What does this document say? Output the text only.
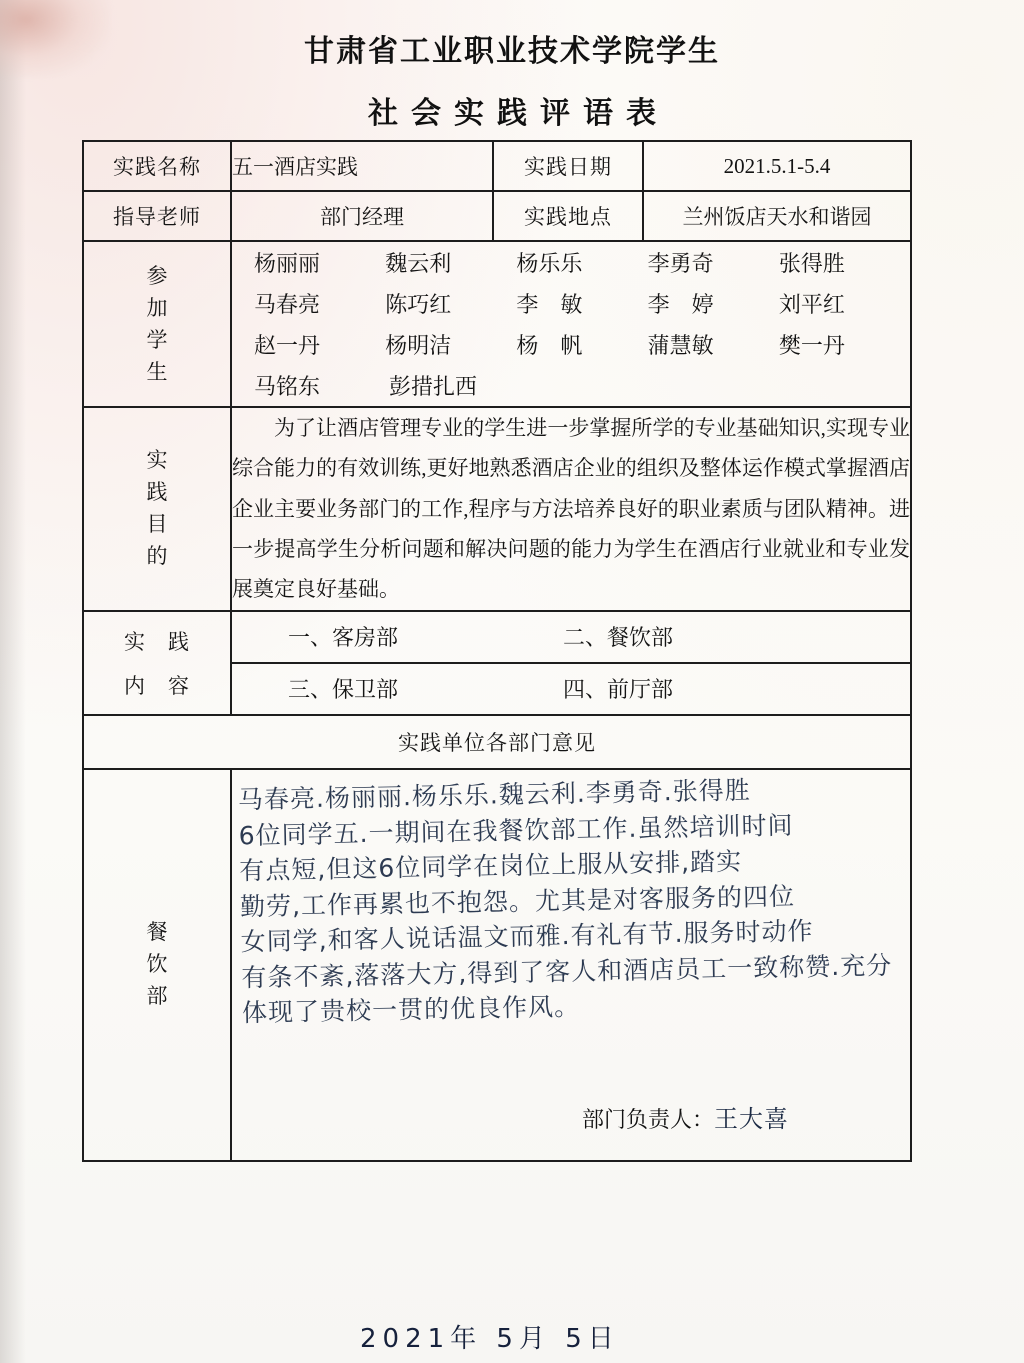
甘肃省工业职业技术学院学生
社会实践评语表
实践名称	五一酒店实践	实践日期	2021.5.1-5.4
指导老师	部门经理	实践地点	兰州饭店天水和谐园

参
加
学
生

杨丽丽	魏云利	杨乐乐	李勇奇	张得胜
马春亮	陈巧红	李　敏	李　婷	刘平红
赵一丹	杨明洁	杨　帆	蒲慧敏	樊一丹
马铭东	彭措扎西

实
践
目
的	为了让酒店管理专业的学生进一步掌握所学的专业基础知识,实现专业综合能力的有效训练,更好地熟悉酒店企业的组织及整体运作模式掌握酒店企业主要业务部门的工作,程序与方法培养良好的职业素质与团队精神。进一步提高学生分析问题和解决问题的能力为学生在酒店行业就业和专业发展奠定良好基础。		

实　践
内　容

一、客房部	二、餐饮部

	三、保卫部 四、前厅部		

实践单位各部门意见			

餐
饮
部

马春亮.杨丽丽.杨乐乐.魏云利.李勇奇.张得胜
6位同学五.一期间在我餐饮部工作.虽然培训时间
有点短,但这6位同学在岗位上服从安排,踏实
勤劳,工作再累也不抱怨。尤其是对客服务的四位
女同学,和客人说话温文而雅.有礼有节.服务时动作
有条不紊,落落大方,得到了客人和酒店员工一致称赞.充分
体现了贵校一贯的优良作风。
部门负责人：王大喜
2021年 5月 5日
